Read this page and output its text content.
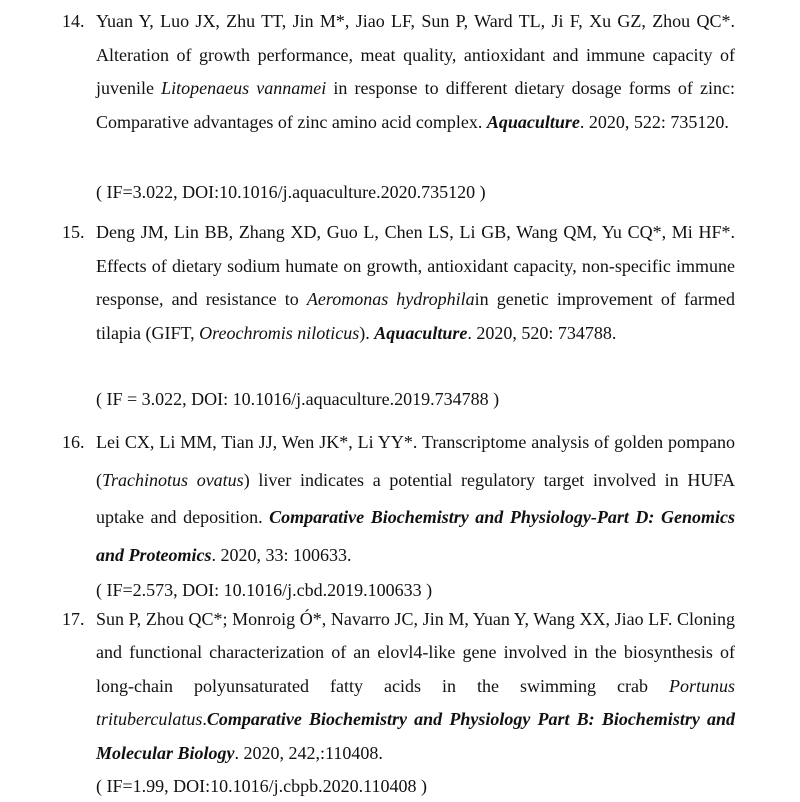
14. Yuan Y, Luo JX, Zhu TT, Jin M*, Jiao LF, Sun P, Ward TL, Ji F, Xu GZ, Zhou QC*. Alteration of growth performance, meat quality, antioxidant and immune capacity of juvenile Litopenaeus vannamei in response to different dietary dosage forms of zinc: Comparative advantages of zinc amino acid complex. Aquaculture. 2020, 522: 735120.
( IF=3.022, DOI:10.1016/j.aquaculture.2020.735120 )
15. Deng JM, Lin BB, Zhang XD, Guo L, Chen LS, Li GB, Wang QM, Yu CQ*, Mi HF*. Effects of dietary sodium humate on growth, antioxidant capacity, non-specific immune response, and resistance to Aeromonas hydrophilain genetic improvement of farmed tilapia (GIFT, Oreochromis niloticus). Aquaculture. 2020, 520: 734788.
( IF = 3.022, DOI: 10.1016/j.aquaculture.2019.734788 )
16. Lei CX, Li MM, Tian JJ, Wen JK*, Li YY*. Transcriptome analysis of golden pompano (Trachinotus ovatus) liver indicates a potential regulatory target involved in HUFA uptake and deposition. Comparative Biochemistry and Physiology-Part D: Genomics and Proteomics. 2020, 33: 100633.
( IF=2.573, DOI: 10.1016/j.cbd.2019.100633 )
17. Sun P, Zhou QC*; Monroig Ó*, Navarro JC, Jin M, Yuan Y, Wang XX, Jiao LF. Cloning and functional characterization of an elovl4-like gene involved in the biosynthesis of long-chain polyunsaturated fatty acids in the swimming crab Portunus trituberculatus.Comparative Biochemistry and Physiology Part B: Biochemistry and Molecular Biology. 2020, 242,:110408.
( IF=1.99, DOI:10.1016/j.cbpb.2020.110408 )
